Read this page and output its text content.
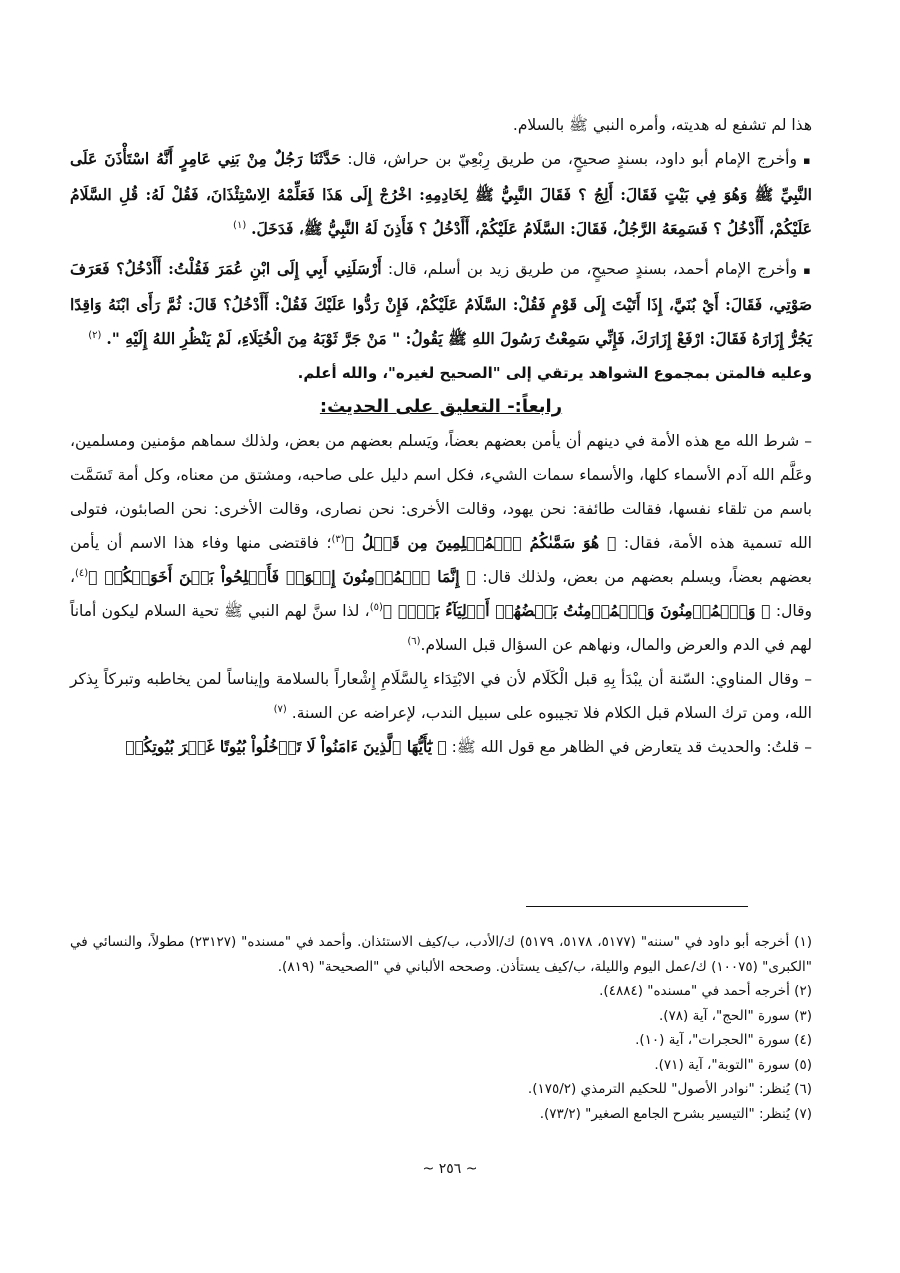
هذا لم تشفع له هديته، وأمره النبي ﷺ بالسلام.

▪وأخرج الإمام أبو داود، بسندٍ صحيحٍ، من طريق رِبْعِيّ بن حراش، قال: حَدَّثَنَا رَجُلٌ مِنْ بَنِي عَامِرٍ أَنَّهُ اسْتَأْذَنَ عَلَى النَّبِيِّ ﷺ وَهُوَ فِي بَيْتٍ فَقَالَ: أَلِجُ ؟ فَقَالَ النَّبِيُّ ﷺ لِخَادِمِهِ: اخْرُجْ إِلَى هَذَا فَعَلِّمْهُ الِاسْتِئْذَانَ، فَقُلْ لَهُ: قُلِ السَّلَامُ عَلَيْكُمْ، أَأَدْخُلُ ؟ فَسَمِعَهُ الرَّجُلُ، فَقَالَ: السَّلَامُ عَلَيْكُمْ، أَأَدْخُلُ ؟ فَأَذِنَ لَهُ النَّبِيُّ ﷺ، فَدَخَلَ. $^{(١)}$

▪وأخرج الإمام أحمد، بسندٍ صحيحٍ، من طريق زيد بن أسلم، قال: أَرْسَلَنِي أَبِي إِلَى ابْنِ عُمَرَ فَقُلْتُ: أَأَدْخُلُ؟ فَعَرَفَ صَوْتِي، فَقَالَ: أَيْ بُنَيَّ، إِذَا أَتَيْتَ إِلَى قَوْمٍ فَقُلْ: السَّلَامُ عَلَيْكُمْ، فَإِنْ رَدُّوا عَلَيْكَ فَقُلْ: أَأَدْخُلُ؟ قَالَ: ثُمَّ رَأَى ابْنَهُ وَاقِدًا يَجُرُّ إِزَارَهُ فَقَالَ: ارْفَعْ إِزَارَكَ، فَإِنِّي سَمِعْتُ رَسُولَ اللهِ ﷺ يَقُولُ: " مَنْ جَرَّ ثَوْبَهُ مِنَ الْخُيَلَاءِ، لَمْ يَنْظُرِ اللهُ إِلَيْهِ ". $^{(٢)}$

وعليه فالمتن بمجموع الشواهد يرتقي إلى "الصحيح لغيره"، والله أعلم.

رابعاً:- التعليق على الحديث:

– شرط الله مع هذه الأمة في دينهم أن يأمن بعضهم بعضاً، ويَسلم بعضهم من بعض، ولذلك سماهم مؤمنين ومسلمين، وعَلَّم الله آدم الأسماء كلها، والأسماء سمات الشيء، فكل اسم دليل على صاحبه، ومشتق من معناه، وكل أمة تَسَمَّت باسم من تلقاء نفسها، فقالت طائفة: نحن يهود، وقالت الأخرى: نحن نصارى، وقالت الأخرى: نحن الصابئون، فتولى الله تسمية هذه الأمة، فقال: ﴿ هُوَ سَمَّىٰكُمُ ٱلۡمُسۡلِمِينَ مِن قَبۡلُ ﴾$^{(٣)}$؛ فاقتضى منها وفاء هذا الاسم أن يأمن بعضهم بعضاً، ويسلم بعضهم من بعض، ولذلك قال: ﴿ إِنَّمَا ٱلۡمُؤۡمِنُونَ إِخۡوَةٞ فَأَصۡلِحُواْ بَيۡنَ أَخَوَيۡكُمۡ ﴾$^{(٤)}$، وقال: ﴿ وَٱلۡمُؤۡمِنُونَ وَٱلۡمُؤۡمِنَٰتُ بَعۡضُهُمۡ أَوۡلِيَآءُ بَعۡضٖ ﴾$^{(٥)}$، لذا سنَّ لهم النبي ﷺ تحية السلام ليكون أماناً لهم في الدم والعرض والمال، ونهاهم عن السؤال قبل السلام.$^{(٦)}$

– وقال المناوي: السّنة أن يبْدَأ بِهِ قبل الْكَلَام لأن في الابْتِدَاء بِالسَّلَامِ إِشْعاراً بالسلامة وإيناساً لمن يخاطبه وتبركاً بِذكر الله، ومن ترك السلام قبل الكلام فلا تجيبوه على سبيل الندب، لإعراضه عن السنة. $^{(٧)}$

– قلتُ: والحديث قد يتعارض في الظاهر مع قول الله ﷺ: ﴿ يَٰٓأَيُّهَا ٱلَّذِينَ ءَامَنُواْ لَا تَدۡخُلُواْ بُيُوتًا غَيۡرَ بُيُوتِكُمۡ

(١) أخرجه أبو داود في "سننه" (٥١٧٧، ٥١٧٨، ٥١٧٩) ك/الأدب، ب/كيف الاستئذان. وأحمد في "مسنده" (٢٣١٢٧) مطولاً، والنسائي في "الكبرى" (١٠٠٧٥) ك/عمل اليوم والليلة، ب/كيف يستأذن. وصححه الألباني في "الصحيحة" (٨١٩).

(٢) أخرجه أحمد في "مسنده" (٤٨٨٤).

(٣) سورة "الحج"، آية (٧٨).

(٤) سورة "الحجرات"، آية (١٠).

(٥) سورة "التوبة"، آية (٧١).

(٦) يُنظر: "نوادر الأصول" للحكيم الترمذي (١٧٥/٢).

(٧) يُنظر: "التيسير بشرح الجامع الصغير" (٧٣/٢).

~ ٢٥٦ ~
